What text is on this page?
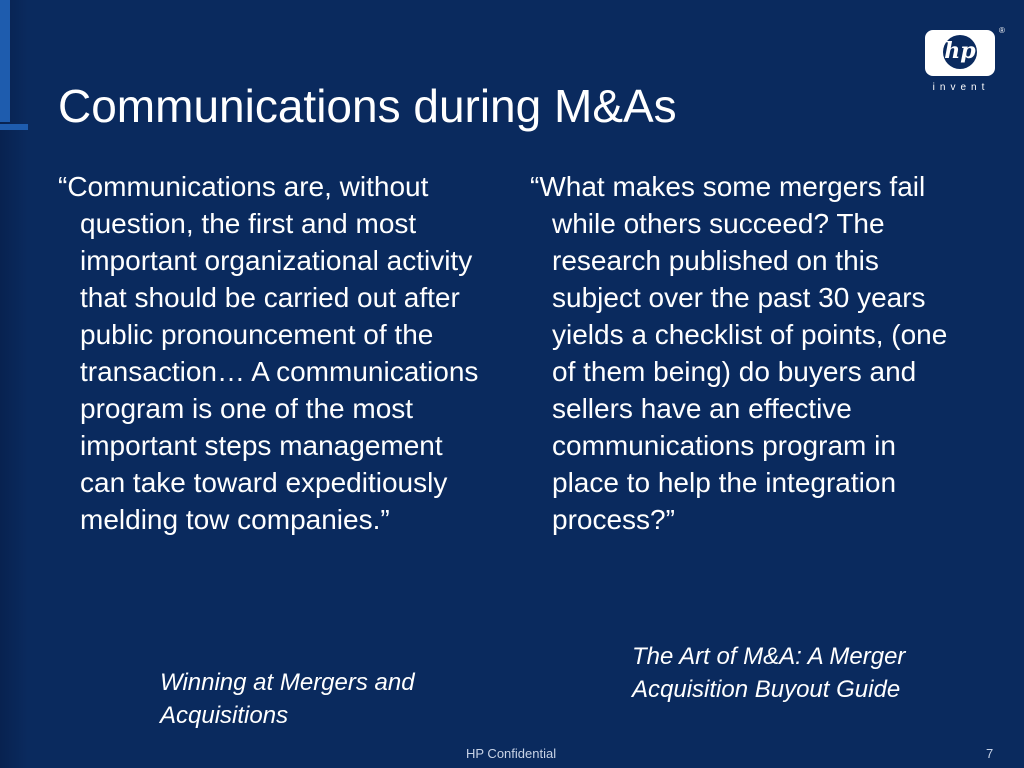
Communications during M&As
hp
®
invent
“Communications are, without question, the first and most important organizational activity that should be carried out after public pronouncement of the transaction… A communications program is one of the most important steps management can take toward expeditiously melding tow companies.”
Winning at Mergers and Acquisitions
“What makes some mergers fail while others succeed? The research published on this subject over the past 30 years yields a checklist of points, (one of them being) do buyers and sellers have an effective communications program in place to help the integration process?”
The Art of M&A: A Merger Acquisition Buyout Guide
HP Confidential	7
